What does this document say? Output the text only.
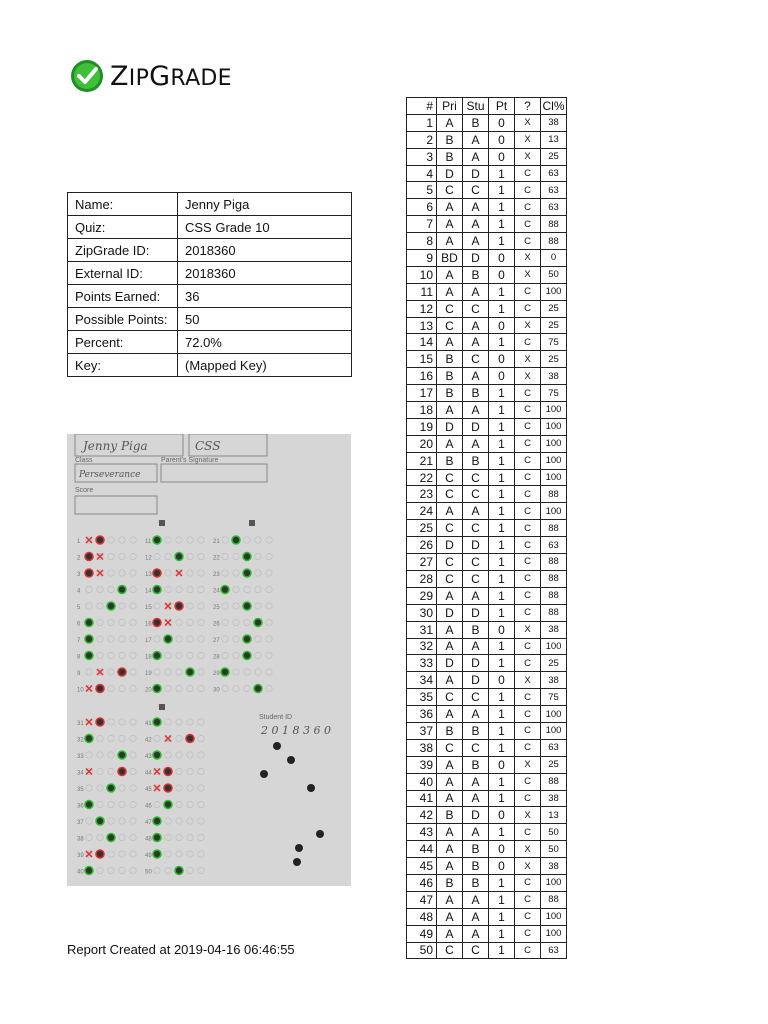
ZIPGRADE
Name:	Jenny Piga
Quiz:	CSS Grade 10
ZipGrade ID:	2018360
External ID:	2018360
Points Earned:	36
Possible Points:	50
Percent:	72.0%
Key:	(Mapped Key)
Jenny Piga	CSS
Class	Parent's Signature
Perseverance
Score
Student ID
2 0 1 8 3 6 0
1
2
3
4
5
6
7
8
9
10
11
12
13
14
15
16
17
18
19
20
21
22
23
24
25
26
27
28
29
30
31
32
33
34
35
36
37
38
39
40
41
42
43
44
45
46
47
48
49
50
#	Pri	Stu	Pt	?	Cl%
1	A	B	0	X	38
2	B	A	0	X	13
3	B	A	0	X	25
4	D	D	1	C	63
5	C	C	1	C	63
6	A	A	1	C	63
7	A	A	1	C	88
8	A	A	1	C	88
9	BD	D	0	X	0
10	A	B	0	X	50
11	A	A	1	C	100
12	C	C	1	C	25
13	C	A	0	X	25
14	A	A	1	C	75
15	B	C	0	X	25
16	B	A	0	X	38
17	B	B	1	C	75
18	A	A	1	C	100
19	D	D	1	C	100
20	A	A	1	C	100
21	B	B	1	C	100
22	C	C	1	C	100
23	C	C	1	C	88
24	A	A	1	C	100
25	C	C	1	C	88
26	D	D	1	C	63
27	C	C	1	C	88
28	C	C	1	C	88
29	A	A	1	C	88
30	D	D	1	C	88
31	A	B	0	X	38
32	A	A	1	C	100
33	D	D	1	C	25
34	A	D	0	X	38
35	C	C	1	C	75
36	A	A	1	C	100
37	B	B	1	C	100
38	C	C	1	C	63
39	A	B	0	X	25
40	A	A	1	C	88
41	A	A	1	C	38
42	B	D	0	X	13
43	A	A	1	C	50
44	A	B	0	X	50
45	A	B	0	X	38
46	B	B	1	C	100
47	A	A	1	C	88
48	A	A	1	C	100
49	A	A	1	C	100
50	C	C	1	C	63
Report Created at 2019-04-16 06:46:55
